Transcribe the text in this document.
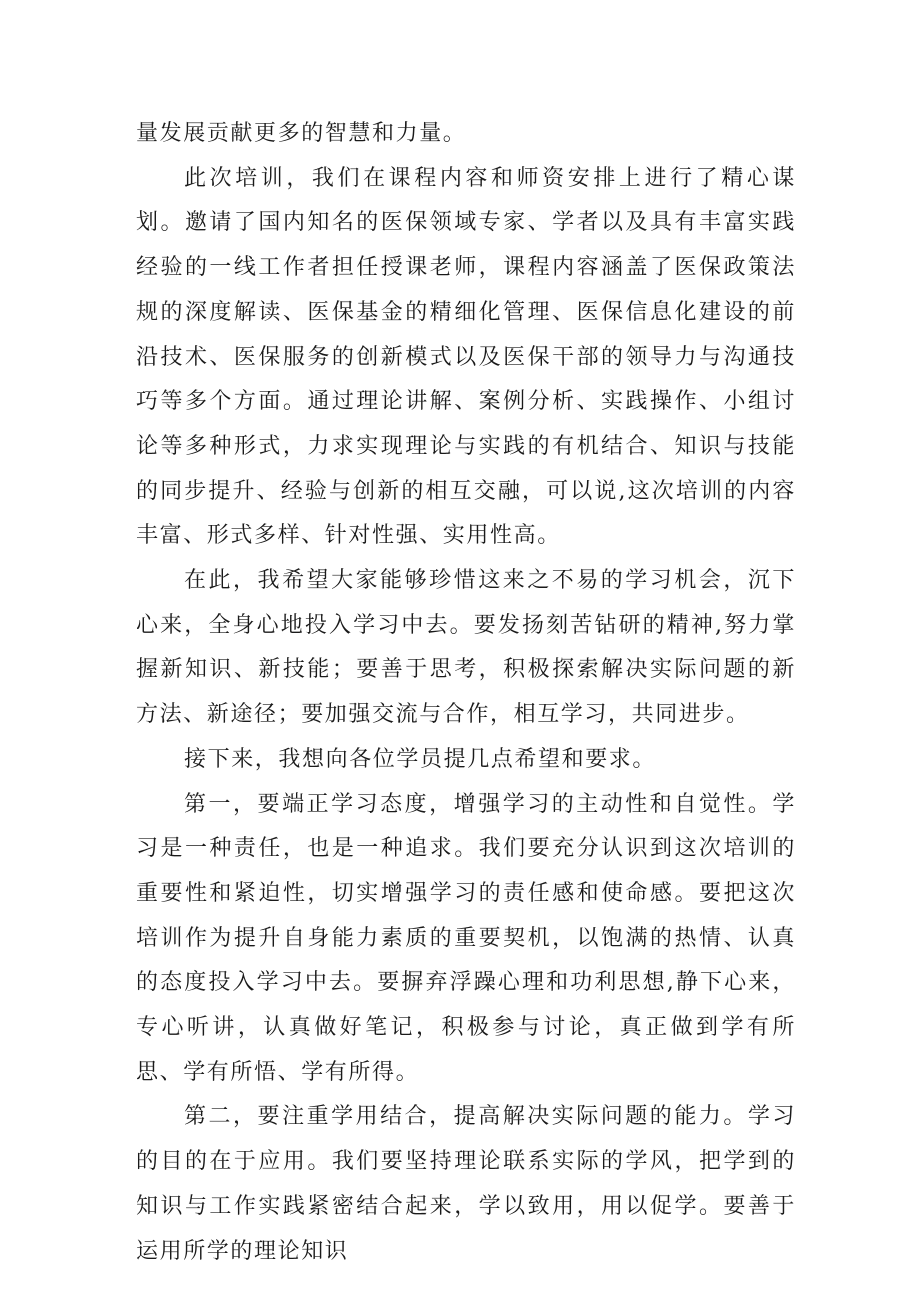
量发展贡献更多的智慧和力量。

此次培训，我们在课程内容和师资安排上进行了精心谋划。邀请了国内知名的医保领域专家、学者以及具有丰富实践经验的一线工作者担任授课老师，课程内容涵盖了医保政策法规的深度解读、医保基金的精细化管理、医保信息化建设的前沿技术、医保服务的创新模式以及医保干部的领导力与沟通技巧等多个方面。通过理论讲解、案例分析、实践操作、小组讨论等多种形式，力求实现理论与实践的有机结合、知识与技能的同步提升、经验与创新的相互交融，可以说,这次培训的内容丰富、形式多样、针对性强、实用性高。

在此，我希望大家能够珍惜这来之不易的学习机会，沉下心来，全身心地投入学习中去。要发扬刻苦钻研的精神,努力掌握新知识、新技能；要善于思考，积极探索解决实际问题的新方法、新途径；要加强交流与合作，相互学习，共同进步。

接下来，我想向各位学员提几点希望和要求。

第一，要端正学习态度，增强学习的主动性和自觉性。学习是一种责任，也是一种追求。我们要充分认识到这次培训的重要性和紧迫性，切实增强学习的责任感和使命感。要把这次培训作为提升自身能力素质的重要契机，以饱满的热情、认真的态度投入学习中去。要摒弃浮躁心理和功利思想,静下心来，专心听讲，认真做好笔记，积极参与讨论，真正做到学有所思、学有所悟、学有所得。

第二，要注重学用结合，提高解决实际问题的能力。学习的目的在于应用。我们要坚持理论联系实际的学风，把学到的知识与工作实践紧密结合起来，学以致用，用以促学。要善于运用所学的理论知识
